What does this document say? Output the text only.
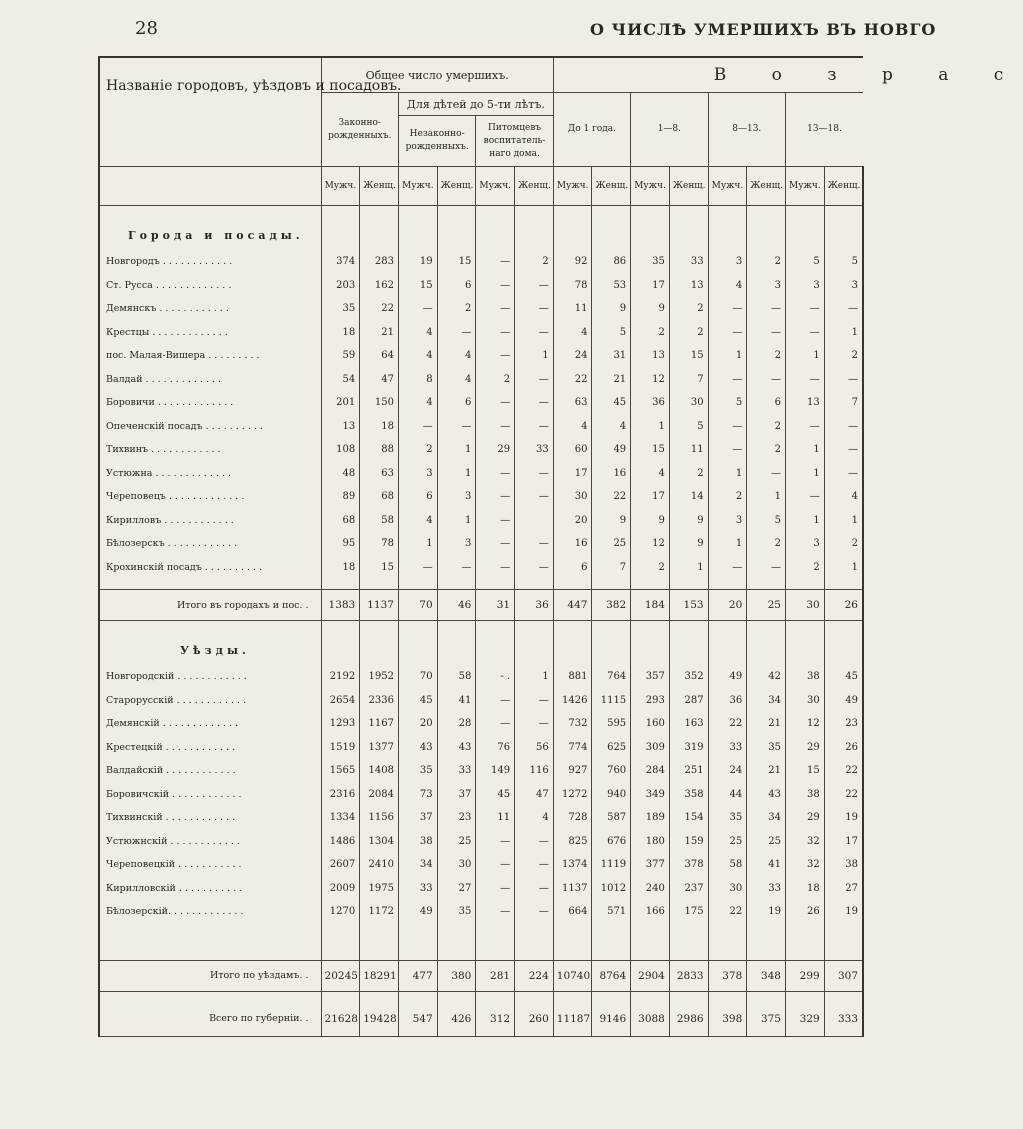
28	О ЧИСЛѢ УМЕРШИХЪ ВЪ НОВГО
Названіе городовъ, уѣздовъ и посадовъ.	Общее число умершихъ.						В о з р а с							
	Законно-рожденныхъ.		Для дѣтей до 5-ти лѣтъ.				До 1 года.		1—8.		8—13.		13—18.	
			Незаконно-рожденныхъ.		Питомцевъ воспитатель-наго дома.									
	Мужч.	Женщ.	Мужч.	Женщ.	Мужч.	Женщ.	Мужч.	Женщ.	Мужч.	Женщ.	Мужч.	Женщ.	Мужч.	Женщ.
Города и посады.														
Новгородъ . . . . . . . . . . . .	374	283	19	15	—	2	92	86	35	33	3	2	5	5
Ст. Русса . . . . . . . . . . . . .	203	162	15	6	—	—	78	53	17	13	4	3	3	3
Демянскъ . . . . . . . . . . . .	35	22	—	2	—	—	11	9	9	2	—	—	—	—
Крестцы . . . . . . . . . . . . .	18	21	4	—	—	—	4	5	2	2	—	—	—	1
пос. Малая-Вишера . . . . . . . . .	59	64	4	4	—	1	24	31	13	15	1	2	1	2
Валдай . . . . . . . . . . . . .	54	47	8	4	2	—	22	21	12	7	—	—	—	—
Боровичи . . . . . . . . . . . . .	201	150	4	6	—	—	63	45	36	30	5	6	13	7
Опеченскій посадъ . . . . . . . . . .	13	18	—	—	—	—	4	4	1	5	—	2	—	—
Тихвинъ . . . . . . . . . . . .	108	88	2	1	29	33	60	49	15	11	—	2	1	—
Устюжна . . . . . . . . . . . . .	48	63	3	1	—	—	17	16	4	2	1	—	1	—
Череповецъ . . . . . . . . . . . . .	89	68	6	3	—	—	30	22	17	14	2	1	—	4
Кирилловъ . . . . . . . . . . . .	68	58	4	1	—		20	9	9	9	3	5	1	1
Бѣлозерскъ . . . . . . . . . . . .	95	78	1	3	—	—	16	25	12	9	1	2	3	2
Крохинскій посадъ . . . . . . . . . .	18	15	—	—	—	—	6	7	2	1	—	—	2	1

Итого въ городахъ и пос. .	1383	1137	70	46	31	36	447	382	184	153	20	25	30	26
Уѣзды.														
Новгородскій . . . . . . . . . . . .	2192	1952	70	58	- .	1	881	764	357	352	49	42	38	45
Старорусскій . . . . . . . . . . . .	2654	2336	45	41	—	—	1426	1115	293	287	36	34	30	49
Демянскій . . . . . . . . . . . . .	1293	1167	20	28	—	—	732	595	160	163	22	21	12	23
Крестецкій . . . . . . . . . . . .	1519	1377	43	43	76	56	774	625	309	319	33	35	29	26
Валдайскій . . . . . . . . . . . .	1565	1408	35	33	149	116	927	760	284	251	24	21	15	22
Боровичскій . . . . . . . . . . . .	2316	2084	73	37	45	47	1272	940	349	358	44	43	38	22
Тихвинскій . . . . . . . . . . . .	1334	1156	37	23	11	4	728	587	189	154	35	34	29	19
Устюжнскій . . . . . . . . . . . .	1486	1304	38	25	—	—	825	676	180	159	25	25	32	17
Череповецкій . . . . . . . . . . .	2607	2410	34	30	—	—	1374	1119	377	378	58	41	32	38
Кирилловскій . . . . . . . . . . .	2009	1975	33	27	—	—	1137	1012	240	237	30	33	18	27
Бѣлозерскій. . . . . . . . . . . . .	1270	1172	49	35	—	—	664	571	166	175	22	19	26	19

Итого по уѣздамъ. .	20245	18291	477	380	281	224	10740	8764	2904	2833	378	348	299	307

Всего по губерніи. .	21628	19428	547	426	312	260	11187	9146	3088	2986	398	375	329	333
